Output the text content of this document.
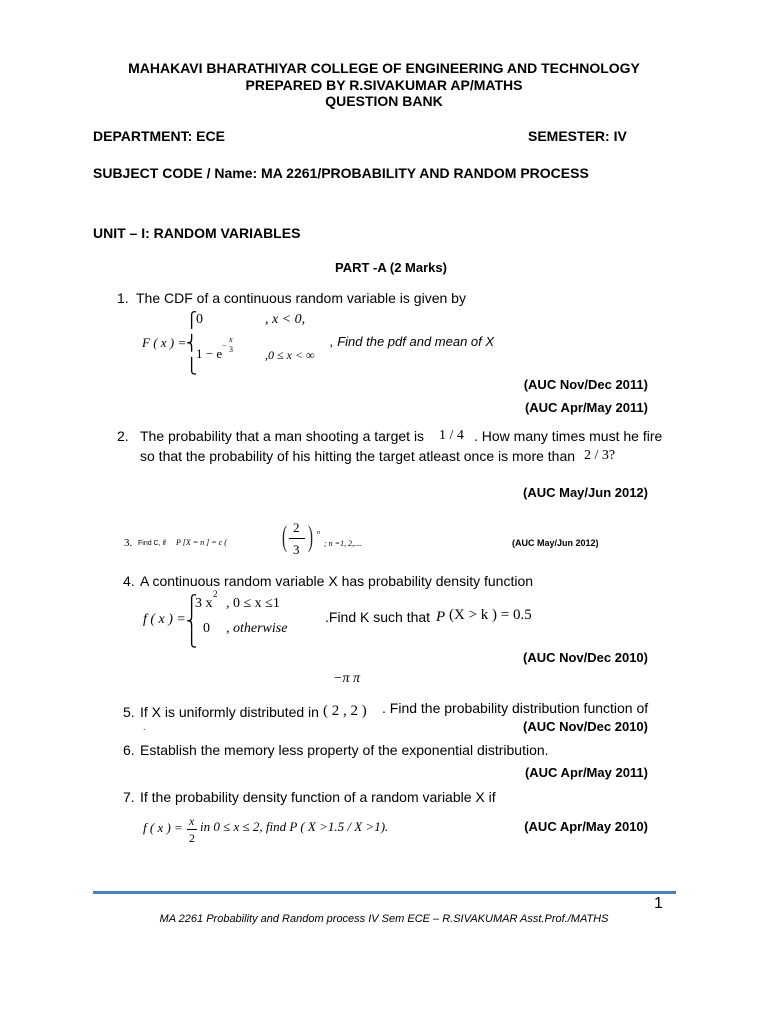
MAHAKAVI BHARATHIYAR COLLEGE OF ENGINEERING AND TECHNOLOGY
PREPARED BY R.SIVAKUMAR AP/MATHS
QUESTION BANK
DEPARTMENT: ECE	SEMESTER: IV
SUBJECT CODE / Name: MA 2261/PROBABILITY AND RANDOM PROCESS
UNIT – I: RANDOM VARIABLES
PART -A (2 Marks)
1. The CDF of a continuous random variable is given by
F ( x ) =
⎧
⎨
⎩
0	, x < 0,
1 − e
−
x
3	,0 ≤ x < ∞
, Find the pdf and mean of X
(AUC Nov/Dec 2011)
(AUC Apr/May 2011)
2. The probability that a man shooting a target is 1 / 4 . How many times must he fire
so that the probability of his hitting the target atleast once is more than 2 / 3?
(AUC May/Jun 2012)
3. Find C, if P [X = n ] = c ( ( 2
3 ) n
; n =1, 2,....	(AUC May/Jun 2012)
4. A continuous random variable X has probability density function
f ( x ) =
⎧
⎨
⎩
3 x
2
, 0 ≤ x ≤1
0 , otherwise
.Find K such that P (X > k ) = 0.5
(AUC Nov/Dec 2010)
−π π
5. If X is uniformly distributed in ( 2 , 2 ) . Find the probability distribution function of
.	(AUC Nov/Dec 2010)
6. Establish the memory less property of the exponential distribution.
(AUC Apr/May 2011)
7. If the probability density function of a random variable X if
f ( x ) = x
2
in 0 ≤ x ≤ 2, find P ( X >1.5 / X >1).	(AUC Apr/May 2010)
1
MA 2261 Probability and Random process IV Sem ECE – R.SIVAKUMAR Asst.Prof./MATHS
